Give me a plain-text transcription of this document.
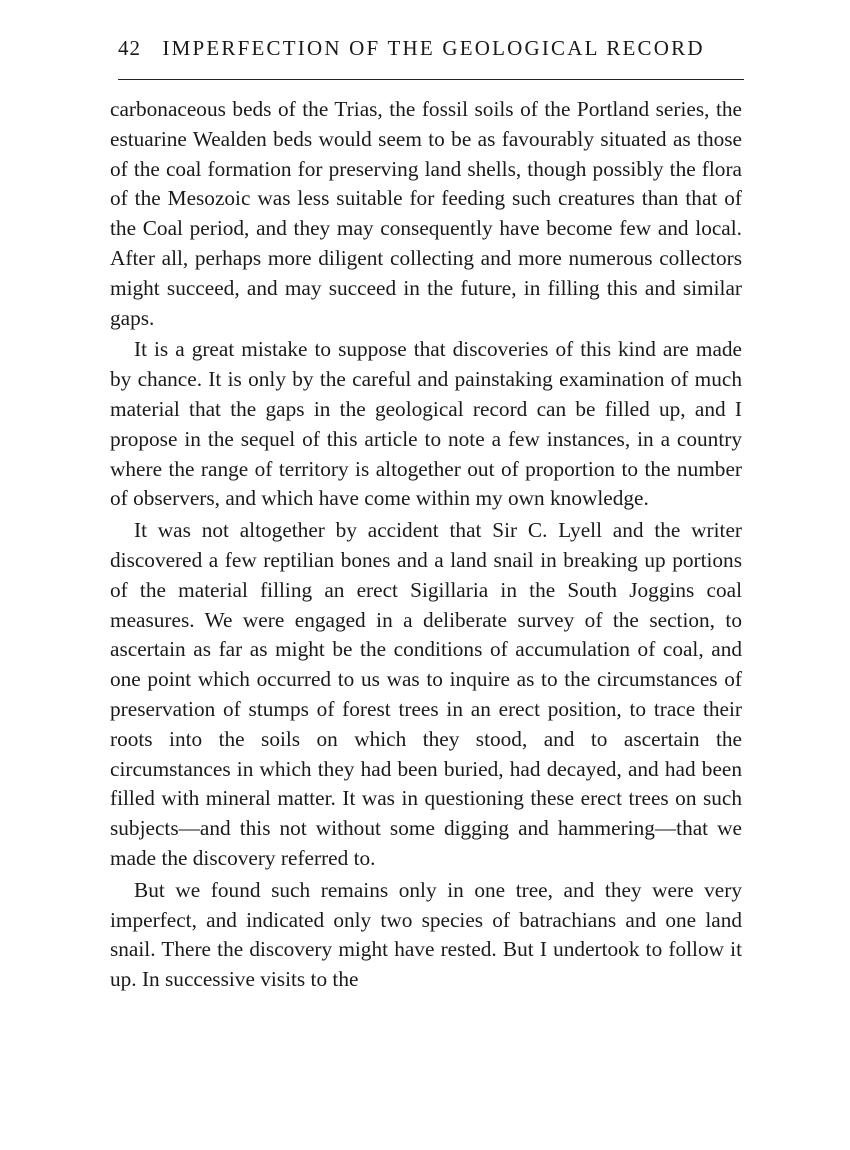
42 IMPERFECTION OF THE GEOLOGICAL RECORD

carbonaceous beds of the Trias, the fossil soils of the Portland series, the estuarine Wealden beds would seem to be as favourably situated as those of the coal formation for preserving land shells, though possibly the flora of the Mesozoic was less suitable for feeding such creatures than that of the Coal period, and they may consequently have become few and local. After all, perhaps more diligent collecting and more numerous collectors might succeed, and may succeed in the future, in filling this and similar gaps.

It is a great mistake to suppose that discoveries of this kind are made by chance. It is only by the careful and painstaking examination of much material that the gaps in the geological record can be filled up, and I propose in the sequel of this article to note a few instances, in a country where the range of territory is altogether out of proportion to the number of observers, and which have come within my own knowledge.

It was not altogether by accident that Sir C. Lyell and the writer discovered a few reptilian bones and a land snail in breaking up portions of the material filling an erect Sigillaria in the South Joggins coal measures. We were engaged in a deliberate survey of the section, to ascertain as far as might be the conditions of accumulation of coal, and one point which occurred to us was to inquire as to the circumstances of preservation of stumps of forest trees in an erect position, to trace their roots into the soils on which they stood, and to ascertain the circumstances in which they had been buried, had decayed, and had been filled with mineral matter. It was in questioning these erect trees on such subjects—and this not without some digging and hammering—that we made the discovery referred to.

But we found such remains only in one tree, and they were very imperfect, and indicated only two species of batrachians and one land snail. There the discovery might have rested. But I undertook to follow it up. In successive visits to the
